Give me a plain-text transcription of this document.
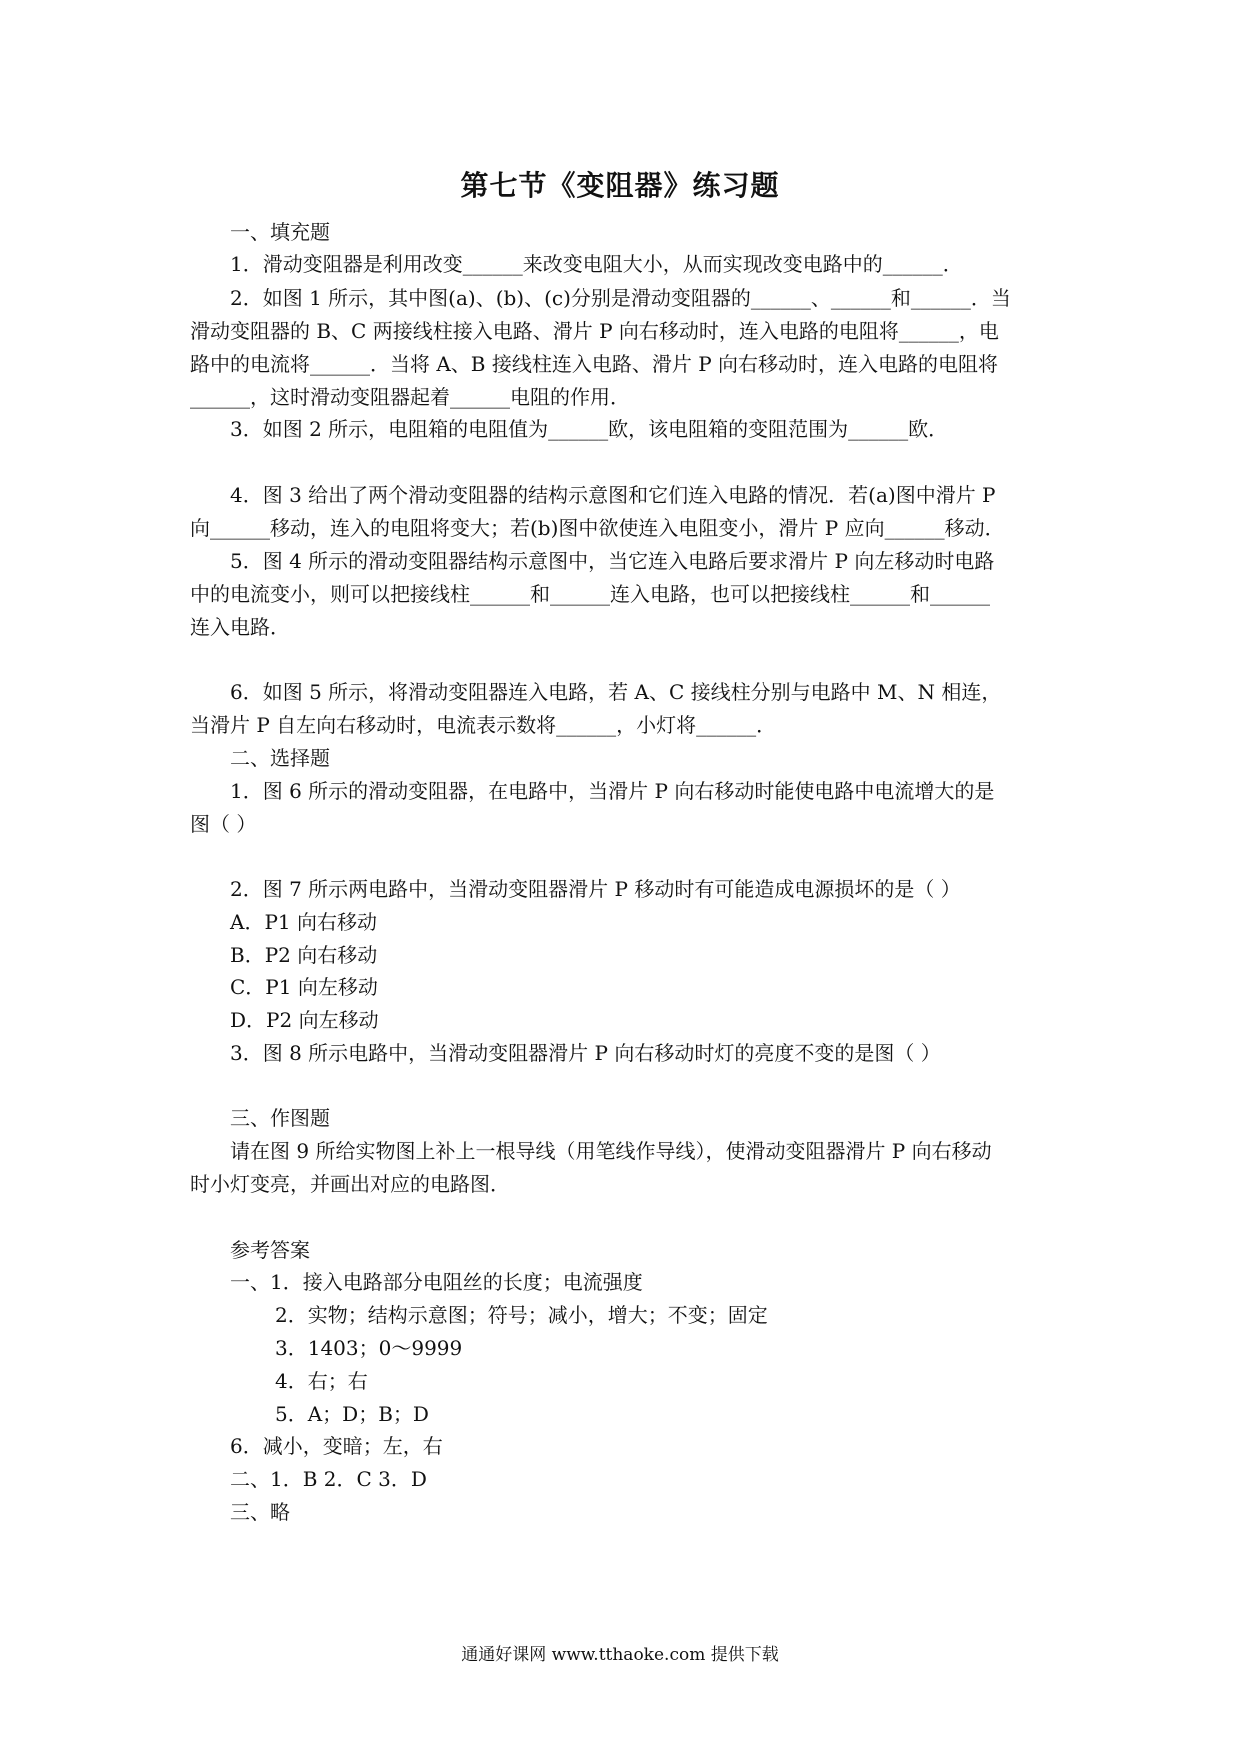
第七节《变阻器》练习题
一、填充题
1．滑动变阻器是利用改变______来改变电阻大小，从而实现改变电路中的______．
2．如图 1 所示，其中图(a)、(b)、(c)分别是滑动变阻器的______、______和______．当
滑动变阻器的 B、C 两接线柱接入电路、滑片 P 向右移动时，连入电路的电阻将______，电
路中的电流将______．当将 A、B 接线柱连入电路、滑片 P 向右移动时，连入电路的电阻将
______，这时滑动变阻器起着______电阻的作用．
3．如图 2 所示，电阻箱的电阻值为______欧，该电阻箱的变阻范围为______欧．
4．图 3 给出了两个滑动变阻器的结构示意图和它们连入电路的情况．若(a)图中滑片 P
向______移动，连入的电阻将变大；若(b)图中欲使连入电阻变小，滑片 P 应向______移动．
5．图 4 所示的滑动变阻器结构示意图中，当它连入电路后要求滑片 P 向左移动时电路
中的电流变小，则可以把接线柱______和______连入电路，也可以把接线柱______和______
连入电路．
6．如图 5 所示，将滑动变阻器连入电路，若 A、C 接线柱分别与电路中 M、N 相连，
当滑片 P 自左向右移动时，电流表示数将______，小灯将______．
二、选择题
1．图 6 所示的滑动变阻器，在电路中，当滑片 P 向右移动时能使电路中电流增大的是
图（ ）
2．图 7 所示两电路中，当滑动变阻器滑片 P 移动时有可能造成电源损坏的是（ ）
A．P1 向右移动
B．P2 向右移动
C．P1 向左移动
D．P2 向左移动
3．图 8 所示电路中，当滑动变阻器滑片 P 向右移动时灯的亮度不变的是图（ ）
三、作图题
请在图 9 所给实物图上补上一根导线（用笔线作导线），使滑动变阻器滑片 P 向右移动
时小灯变亮，并画出对应的电路图．
参考答案
一、1．接入电路部分电阻丝的长度；电流强度
2．实物；结构示意图；符号；减小，增大；不变；固定
3．1403；0～9999
4．右；右
5．A；D；B；D
6．减小，变暗；左，右
二、1．B 2．C 3．D
三、略
通通好课网 www.tthaoke.com 提供下载
